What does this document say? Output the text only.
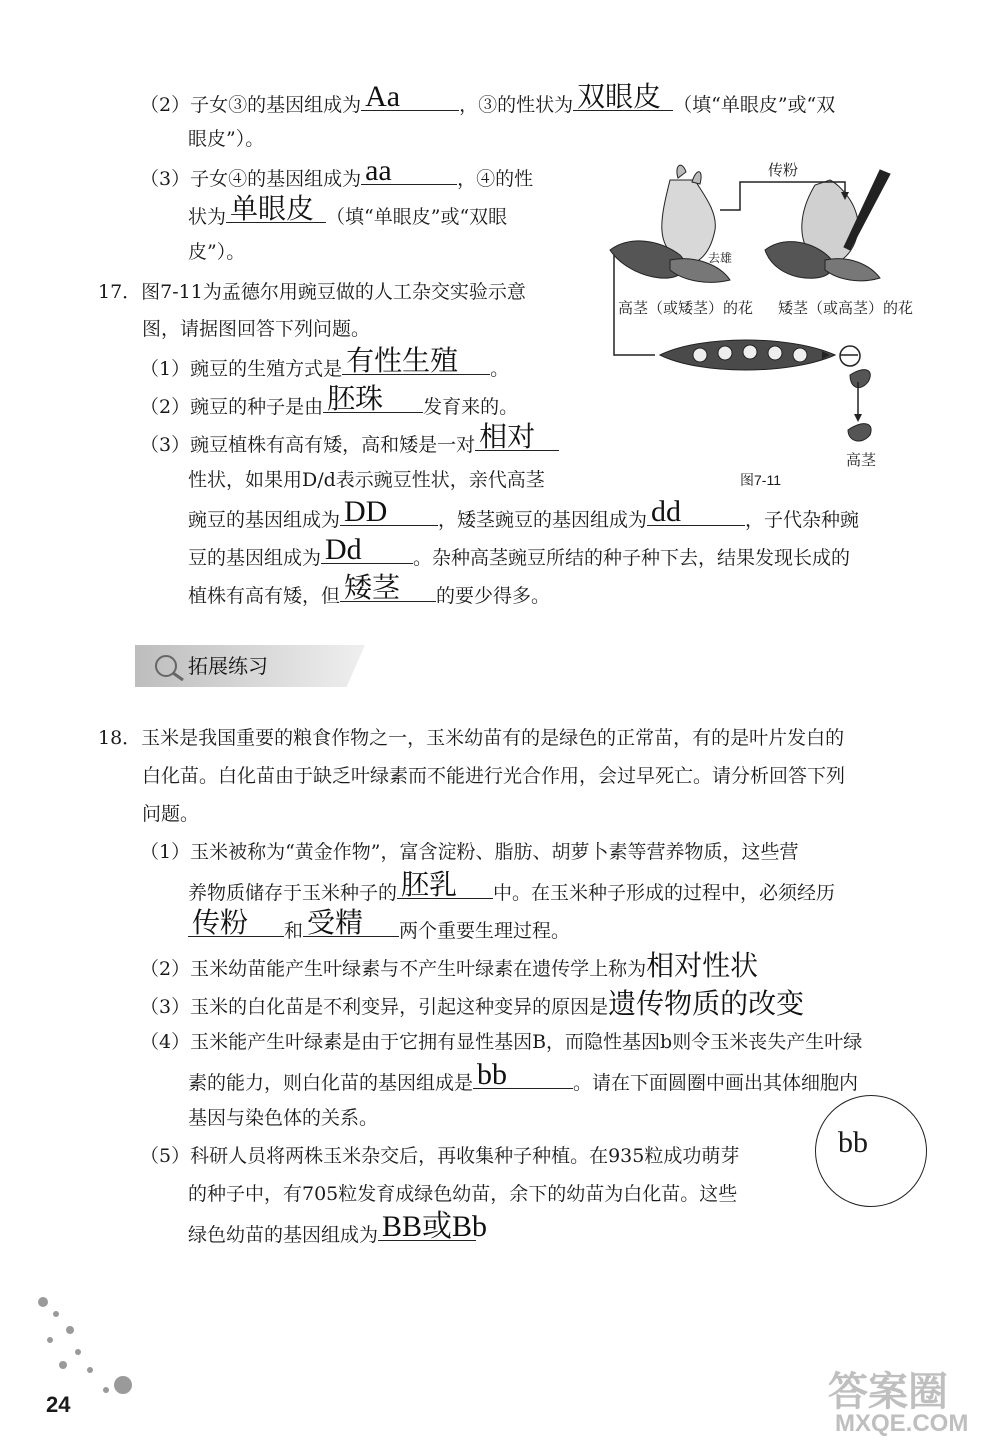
（2）子女③的基因组成为 Aa	，③的性状为 双眼皮 （填“单眼皮”或“双
眼皮”）。
（3）子女④的基因组成为 aa	，④的性
状为 单眼皮 （填“单眼皮”或“双眼
皮”）。
17．图7-11为孟德尔用豌豆做的人工杂交实验示意
图，请据图回答下列问题。
（1）豌豆的生殖方式是 有性生殖 。
（2）豌豆的种子是由 胚珠 发育来的。
（3）豌豆植株有高有矮，高和矮是一对 相对
性状，如果用D/d表示豌豆性状，亲代高茎
豌豆的基因组成为 DD	，矮茎豌豆的基因组成为 dd	，子代杂种豌
豆的基因组成为 Dd	。杂种高茎豌豆所结的种子种下去，结果发现长成的
植株有高有矮，但 矮茎 的要少得多。
传粉
去雄
高茎（或矮茎）的花 矮茎（或高茎）的花
高茎
图7-11
拓展练习
18．玉米是我国重要的粮食作物之一，玉米幼苗有的是绿色的正常苗，有的是叶片发白的
白化苗。白化苗由于缺乏叶绿素而不能进行光合作用，会过早死亡。请分析回答下列
问题。
（1）玉米被称为“黄金作物”，富含淀粉、脂肪、胡萝卜素等营养物质，这些营
养物质储存于玉米种子的 胚乳 中。在玉米种子形成的过程中，必须经历
传粉 和 受精 两个重要生理过程。
（2）玉米幼苗能产生叶绿素与不产生叶绿素在遗传学上称为相对性状
（3）玉米的白化苗是不利变异，引起这种变异的原因是遗传物质的改变
（4）玉米能产生叶绿素是由于它拥有显性基因B，而隐性基因b则令玉米丧失产生叶绿
素的能力，则白化苗的基因组成是 bb	。请在下面圆圈中画出其体细胞内
基因与染色体的关系。
bb
（5）科研人员将两株玉米杂交后，再收集种子种植。在935粒成功萌芽
的种子中，有705粒发育成绿色幼苗，余下的幼苗为白化苗。这些
绿色幼苗的基因组成为 BB或Bb
24	答案圈
MXQE.COM
